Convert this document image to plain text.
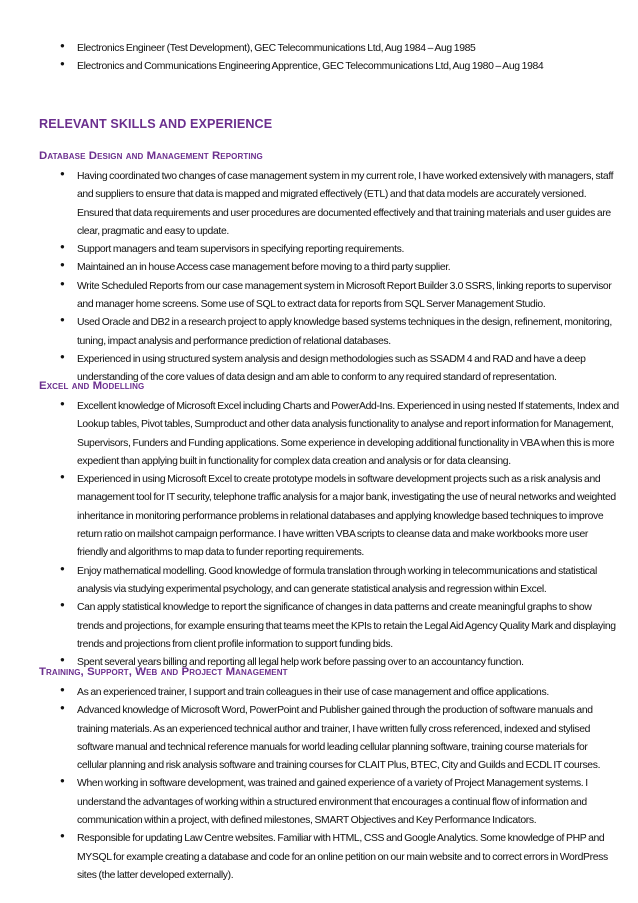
● Electronics Engineer (Test Development), GEC Telecommunications Ltd, Aug 1984 – Aug 1985
● Electronics and Communications Engineering Apprentice, GEC Telecommunications Ltd, Aug 1980 – Aug 1984
RELEVANT SKILLS AND EXPERIENCE
Database Design and Management Reporting
● Having coordinated two changes of case management system in my current role, I have worked extensively with managers, staff and suppliers to ensure that data is mapped and migrated effectively (ETL) and that data models are accurately versioned. Ensured that data requirements and user procedures are documented effectively and that training materials and user guides are clear, pragmatic and easy to update.
● Support managers and team supervisors in specifying reporting requirements.
● Maintained an in house Access case management before moving to a third party supplier.
● Write Scheduled Reports from our case management system in Microsoft Report Builder 3.0 SSRS, linking reports to supervisor and manager home screens. Some use of SQL to extract data for reports from SQL Server Management Studio.
● Used Oracle and DB2 in a research project to apply knowledge based systems techniques in the design, refinement, monitoring, tuning, impact analysis and performance prediction of relational databases.
● Experienced in using structured system analysis and design methodologies such as SSADM 4 and RAD and have a deep understanding of the core values of data design and am able to conform to any required standard of representation.
Excel and Modelling
● Excellent knowledge of Microsoft Excel including Charts and PowerAdd-Ins. Experienced in using nested If statements, Index and Lookup tables, Pivot tables, Sumproduct and other data analysis functionality to analyse and report information for Management, Supervisors, Funders and Funding applications. Some experience in developing additional functionality in VBA when this is more expedient than applying built in functionality for complex data creation and analysis or for data cleansing.
● Experienced in using Microsoft Excel to create prototype models in software development projects such as a risk analysis and management tool for IT security, telephone traffic analysis for a major bank, investigating the use of neural networks and weighted inheritance in monitoring performance problems in relational databases and applying knowledge based techniques to improve return ratio on mailshot campaign performance. I have written VBA scripts to cleanse data and make workbooks more user friendly and algorithms to map data to funder reporting requirements.
● Enjoy mathematical modelling. Good knowledge of formula translation through working in telecommunications and statistical analysis via studying experimental psychology, and can generate statistical analysis and regression within Excel.
● Can apply statistical knowledge to report the significance of changes in data patterns and create meaningful graphs to show trends and projections, for example ensuring that teams meet the KPIs to retain the Legal Aid Agency Quality Mark and displaying trends and projections from client profile information to support funding bids.
● Spent several years billing and reporting all legal help work before passing over to an accountancy function.
Training, Support, Web and Project Management
● As an experienced trainer, I support and train colleagues in their use of case management and office applications.
● Advanced knowledge of Microsoft Word, PowerPoint and Publisher gained through the production of software manuals and training materials. As an experienced technical author and trainer, I have written fully cross referenced, indexed and stylised software manual and technical reference manuals for world leading cellular planning software, training course materials for cellular planning and risk analysis software and training courses for CLAIT Plus, BTEC, City and Guilds and ECDL IT courses.
● When working in software development, was trained and gained experience of a variety of Project Management systems. I understand the advantages of working within a structured environment that encourages a continual flow of information and communication within a project, with defined milestones, SMART Objectives and Key Performance Indicators.
● Responsible for updating Law Centre websites. Familiar with HTML, CSS and Google Analytics. Some knowledge of PHP and MYSQL for example creating a database and code for an online petition on our main website and to correct errors in WordPress sites (the latter developed externally).
